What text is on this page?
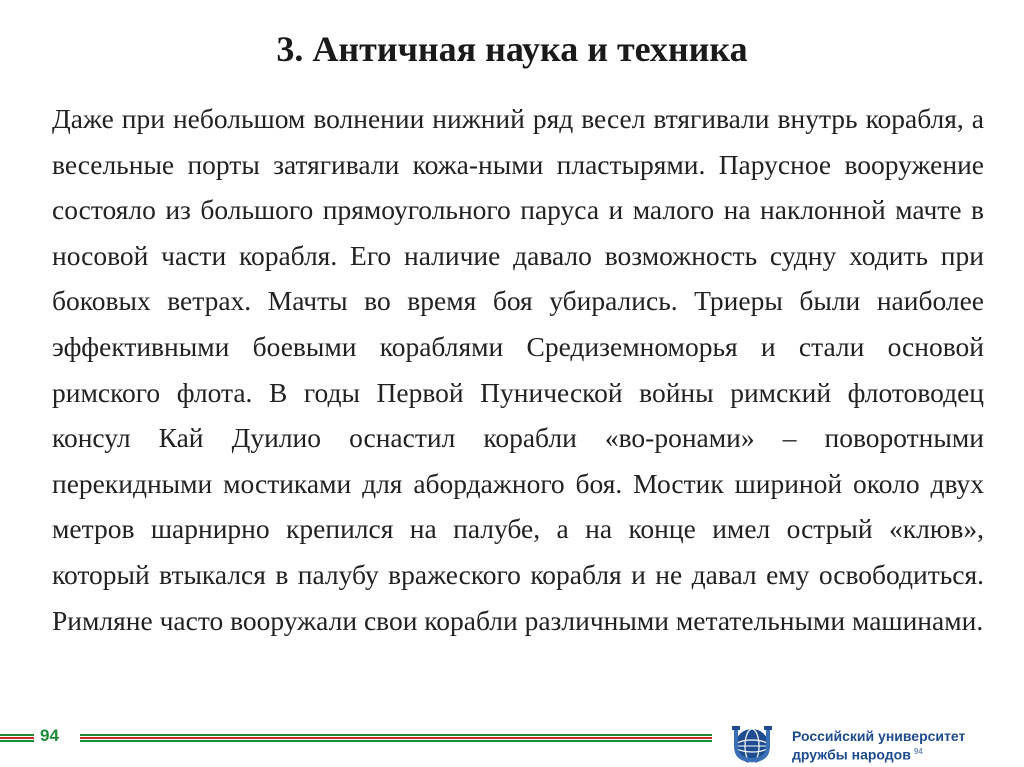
3. Античная наука и техника

Даже при небольшом волнении нижний ряд весел втягивали внутрь корабля, а весельные порты затягивали кожа-ными пластырями. Парусное вооружение состояло из большого прямоугольного паруса и малого на наклонной мачте в носовой части корабля. Его наличие давало возможность судну ходить при боковых ветрах. Мачты во время боя убирались. Триеры были наиболее эффективными боевыми кораблями Средиземноморья и стали основой римского флота. В годы Первой Пунической войны римский флотоводец консул Кай Дуилио оснастил корабли «во-ронами» – поворотными перекидными мостиками для абордажного боя. Мостик шириной около двух метров шарнирно крепился на палубе, а на конце имел острый «клюв», который втыкался в палубу вражеского корабля и не давал ему освободиться. Римляне часто вооружали свои корабли различными метательными машинами.

94	Российский университет
дружбы народов $^{94}$
